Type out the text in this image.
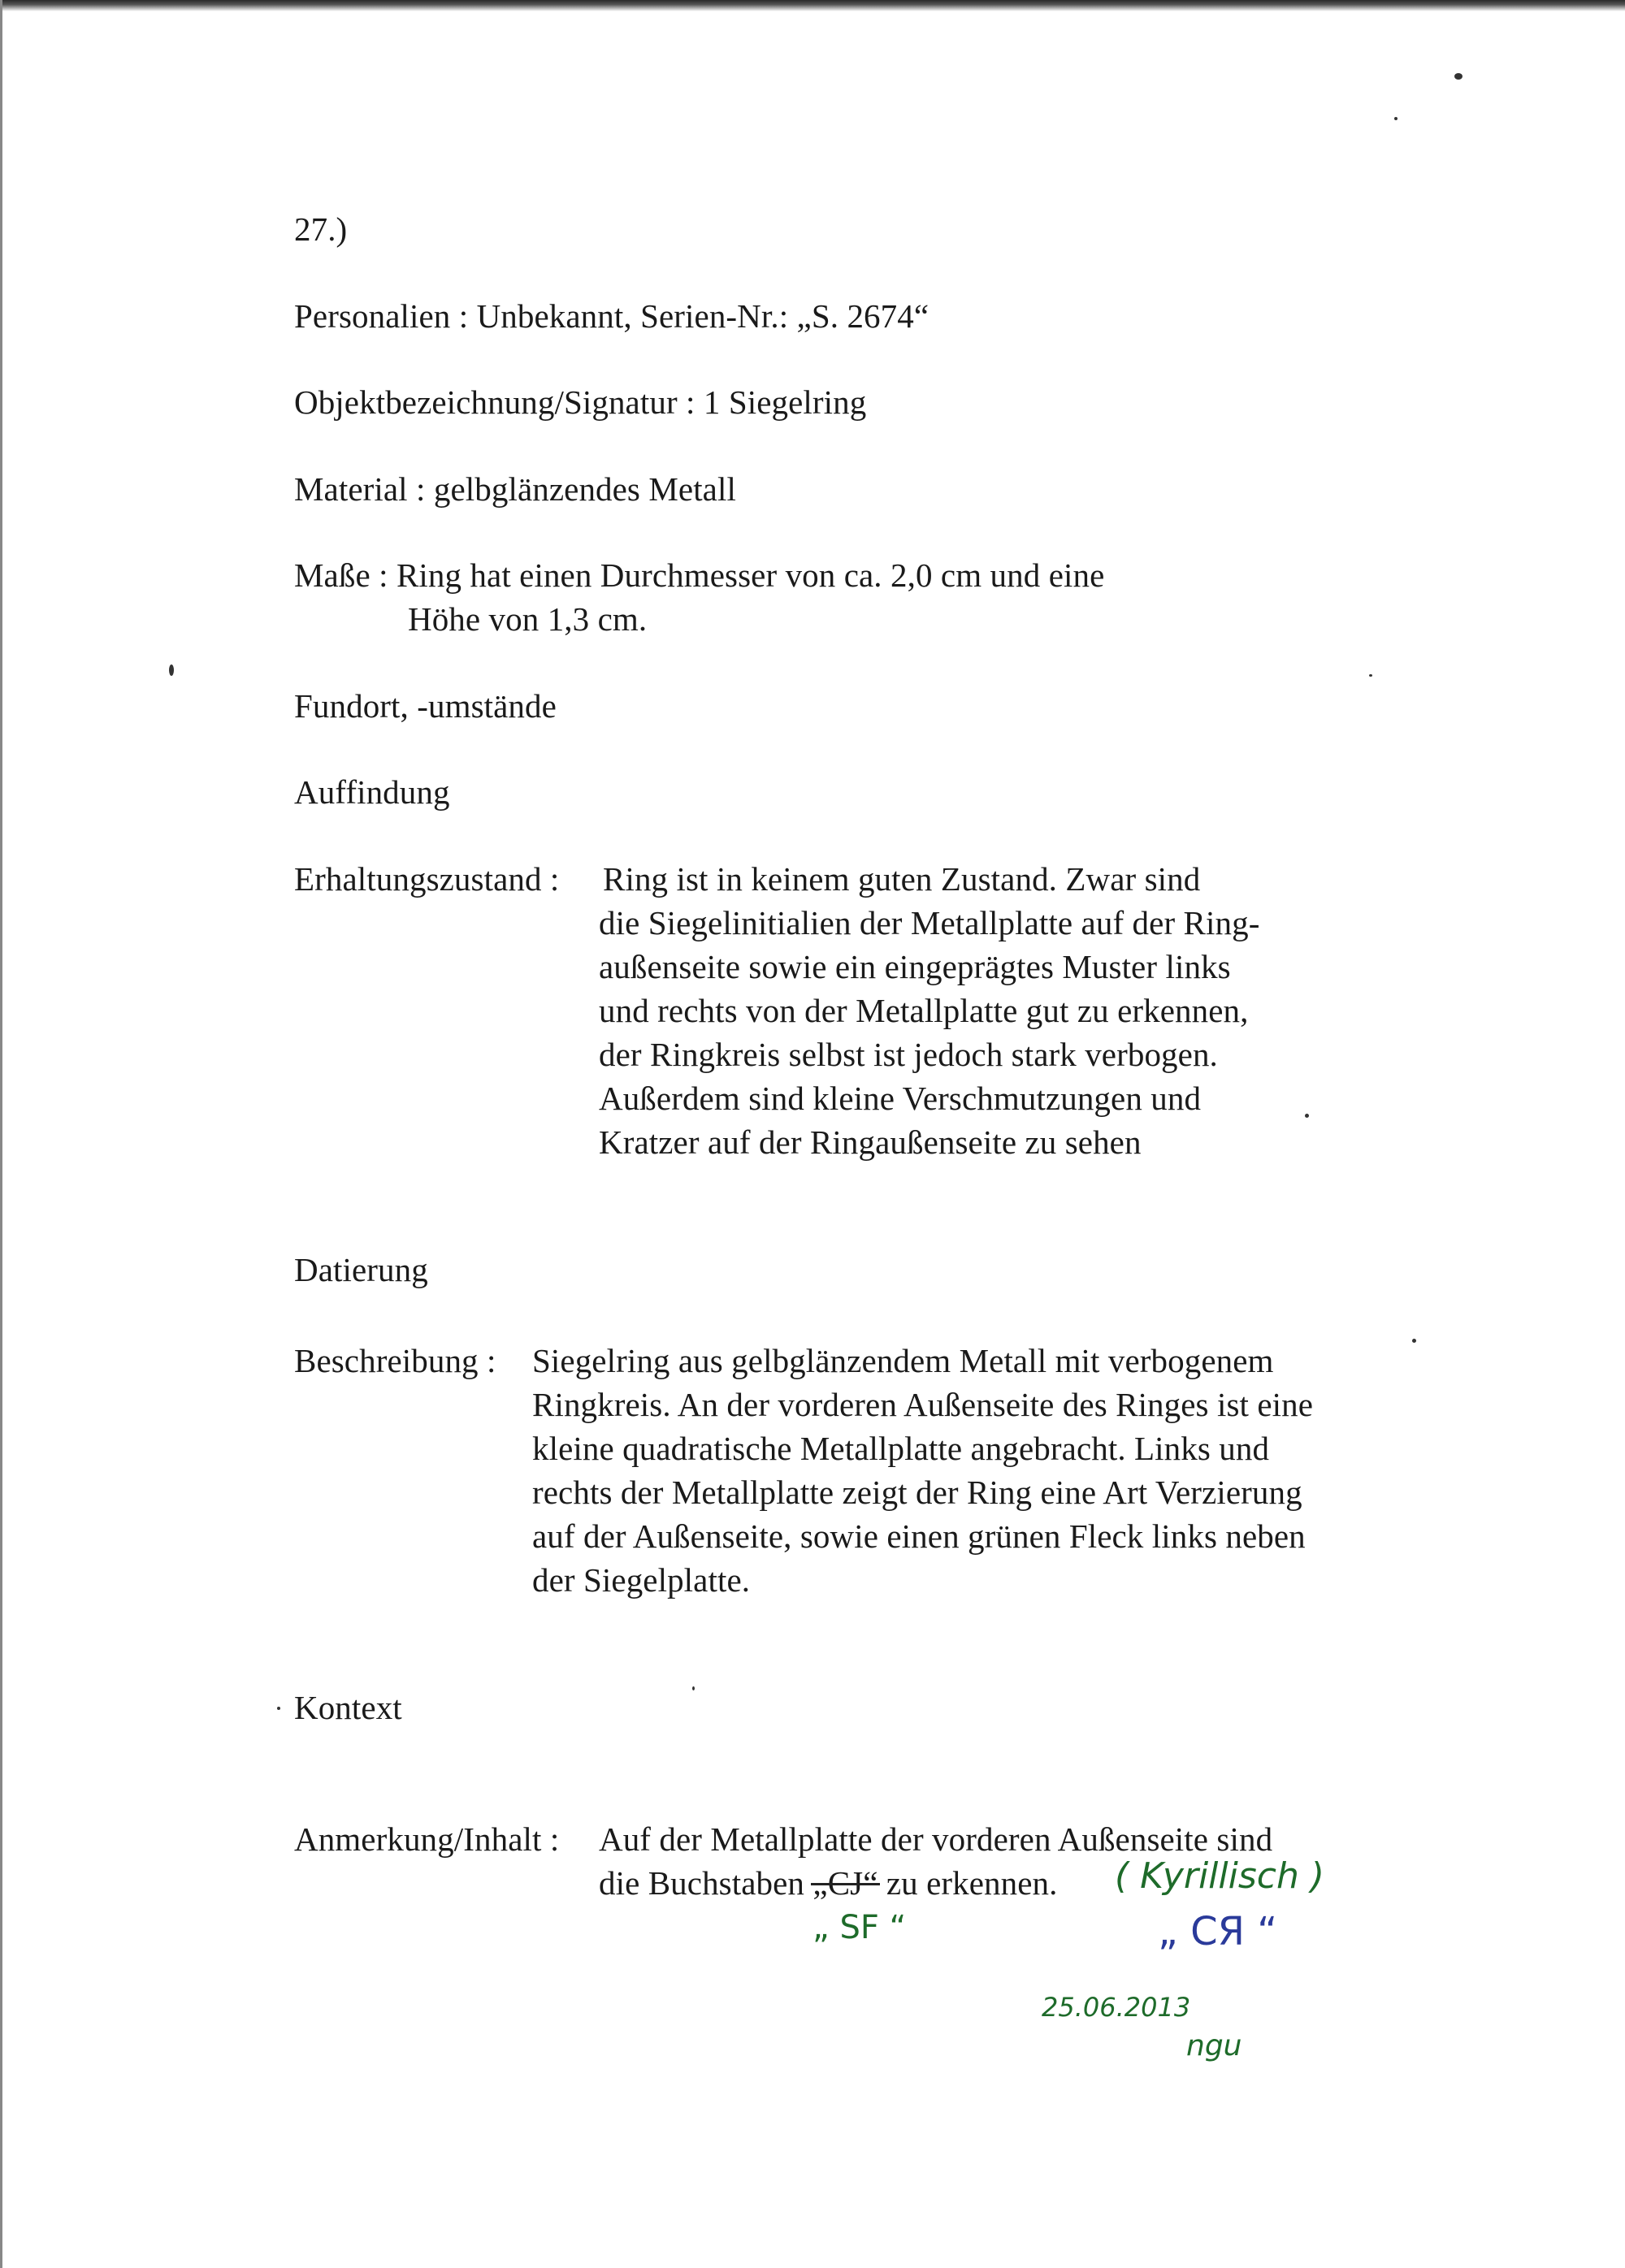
27.)
Personalien : Unbekannt, Serien-Nr.: „S. 2674“
Objektbezeichnung/Signatur : 1 Siegelring
Material : gelbglänzendes Metall
Maße : Ring hat einen Durchmesser von ca. 2,0 cm und eine
Höhe von 1,3 cm.
Fundort, -umstände
Auffindung
Erhaltungszustand : Ring ist in keinem guten Zustand. Zwar sind
die Siegelinitialien der Metallplatte auf der Ring-
außenseite sowie ein eingeprägtes Muster links
und rechts von der Metallplatte gut zu erkennen,
der Ringkreis selbst ist jedoch stark verbogen.
Außerdem sind kleine Verschmutzungen und
Kratzer auf der Ringaußenseite zu sehen
Datierung
Beschreibung : Siegelring aus gelbglänzendem Metall mit verbogenem
Ringkreis. An der vorderen Außenseite des Ringes ist eine
kleine quadratische Metallplatte angebracht. Links und
rechts der Metallplatte zeigt der Ring eine Art Verzierung
auf der Außenseite, sowie einen grünen Fleck links neben
der Siegelplatte.
Kontext
Anmerkung/Inhalt : Auf der Metallplatte der vorderen Außenseite sind
die Buchstaben „CJ“ zu erkennen. ( Kyrillisch )
„ SF “	„ CЯ “
25.06.2013
ngu
